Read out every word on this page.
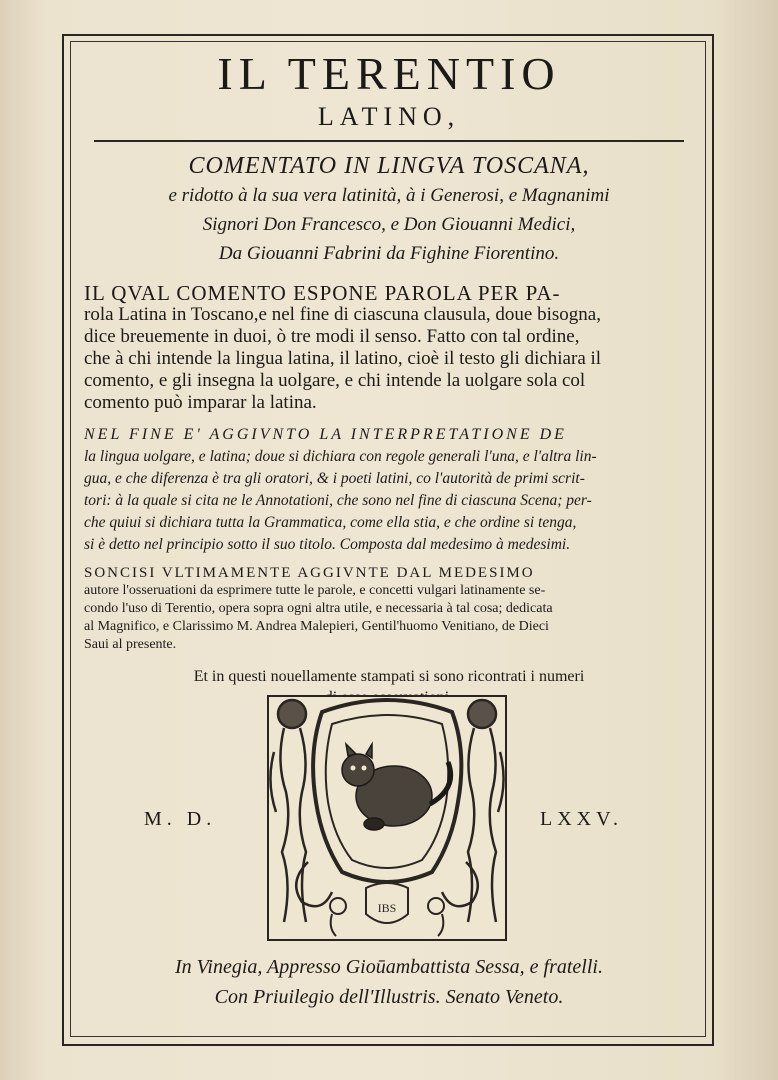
IL TERENTIO
LATINO,
COMENTATO IN LINGVA TOSCANA,
e ridotto à la sua vera latinità, à i Generosi, e Magnanimi
Signori Don Francesco, e Don Giouanni Medici,
Da Giouanni Fabrini da Fighine Fiorentino.
IL QVAL COMENTO ESPONE PAROLA PER PA-
rola Latina in Toscano,e nel fine di ciascuna clausula, doue bisogna,
dice breuemente in duoi, ò tre modi il senso. Fatto con tal ordine,
che à chi intende la lingua latina, il latino, cioè il testo gli dichiara il
comento, e gli insegna la uolgare, e chi intende la uolgare sola col
comento può imparar la latina.
NEL FINE E' AGGIVNTO LA INTERPRETATIONE DE
la lingua uolgare, e latina; doue si dichiara con regole generali l'una, e l'altra lin-
gua, e che diferenza è tra gli oratori, & i poeti latini, co l'autorità de primi scrit-
tori: à la quale si cita ne le Annotationi, che sono nel fine di ciascuna Scena; per-
che quiui si dichiara tutta la Grammatica, come ella stia, e che ordine si tenga,
si è detto nel principio sotto il suo titolo. Composta dal medesimo à medesimi.
SONCISI VLTIMAMENTE AGGIVNTE DAL MEDESIMO
autore l'osseruationi da esprimere tutte le parole, e concetti vulgari latinamente se-
condo l'uso di Terentio, opera sopra ogni altra utile, e necessaria à tal cosa; dedicata
al Magnifico, e Clarissimo M. Andrea Malepieri, Gentil'huomo Venitiano, de Dieci
Saui al presente.
Et in questi nouellamente stampati si sono ricontrati i numeri
M. D.	LXXV.
IBS
In Vinegia, Appresso Gioūambattista Sessa, e fratelli.
Con Priuilegio dell'Illustris. Senato Veneto.
